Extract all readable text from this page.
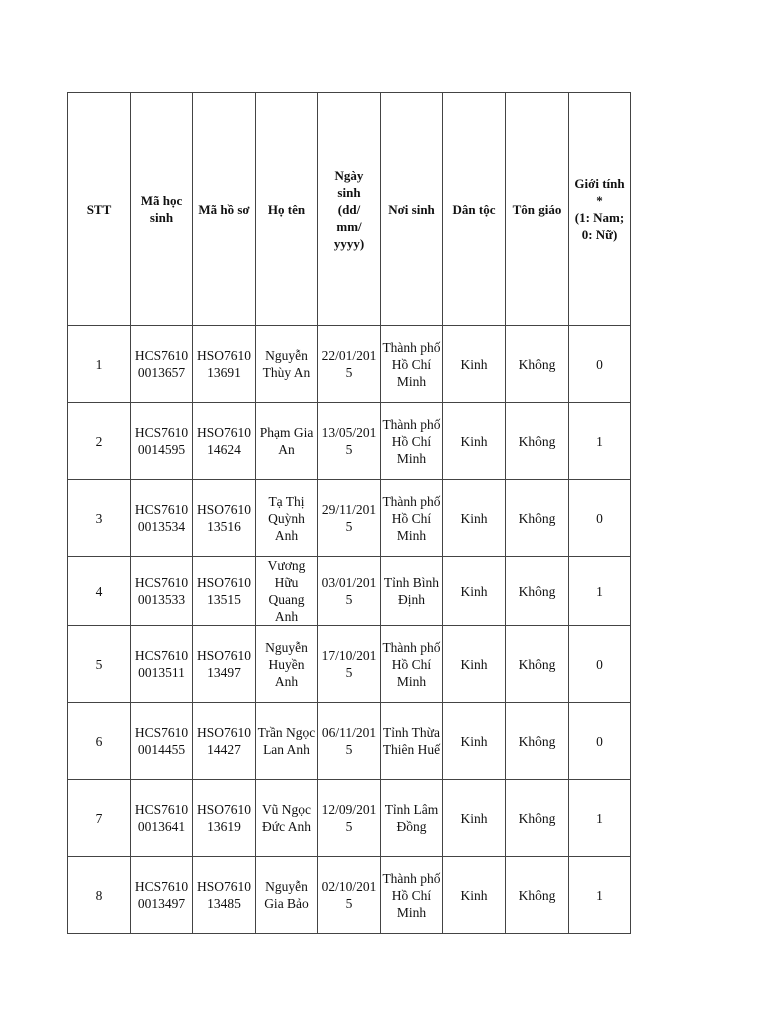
STT	Mã học sinh	Mã hồ sơ	Họ tên	Ngày
sinh
(dd/
mm/
yyyy)	Nơi sinh	Dân tộc	Tôn giáo	Giới tính
*
(1: Nam;
0: Nữ)

1	HCS7610
0013657	HSO7610
13691	Nguyễn Thùy An	22/01/201
5	Thành phố Hồ Chí Minh	Kinh	Không	0

2	HCS7610
0014595	HSO7610
14624	Phạm Gia An	13/05/201
5	Thành phố Hồ Chí Minh	Kinh	Không	1

3	HCS7610
0013534	HSO7610
13516	Tạ Thị Quỳnh Anh	29/11/201
5	Thành phố Hồ Chí Minh	Kinh	Không	0

4	HCS7610
0013533	HSO7610
13515	Vương Hữu Quang Anh	03/01/201
5	Tỉnh Bình Định	Kinh	Không	1

5	HCS7610
0013511	HSO7610
13497	Nguyễn Huyền Anh	17/10/201
5	Thành phố Hồ Chí Minh	Kinh	Không	0

6	HCS7610
0014455	HSO7610
14427	Trần Ngọc Lan Anh	06/11/201
5	Tỉnh Thừa Thiên Huế	Kinh	Không	0

7	HCS7610
0013641	HSO7610
13619	Vũ Ngọc Đức Anh	12/09/201
5	Tỉnh Lâm Đồng	Kinh	Không	1

8	HCS7610
0013497	HSO7610
13485	Nguyễn Gia Bảo	02/10/201
5	Thành phố Hồ Chí Minh	Kinh	Không	1
